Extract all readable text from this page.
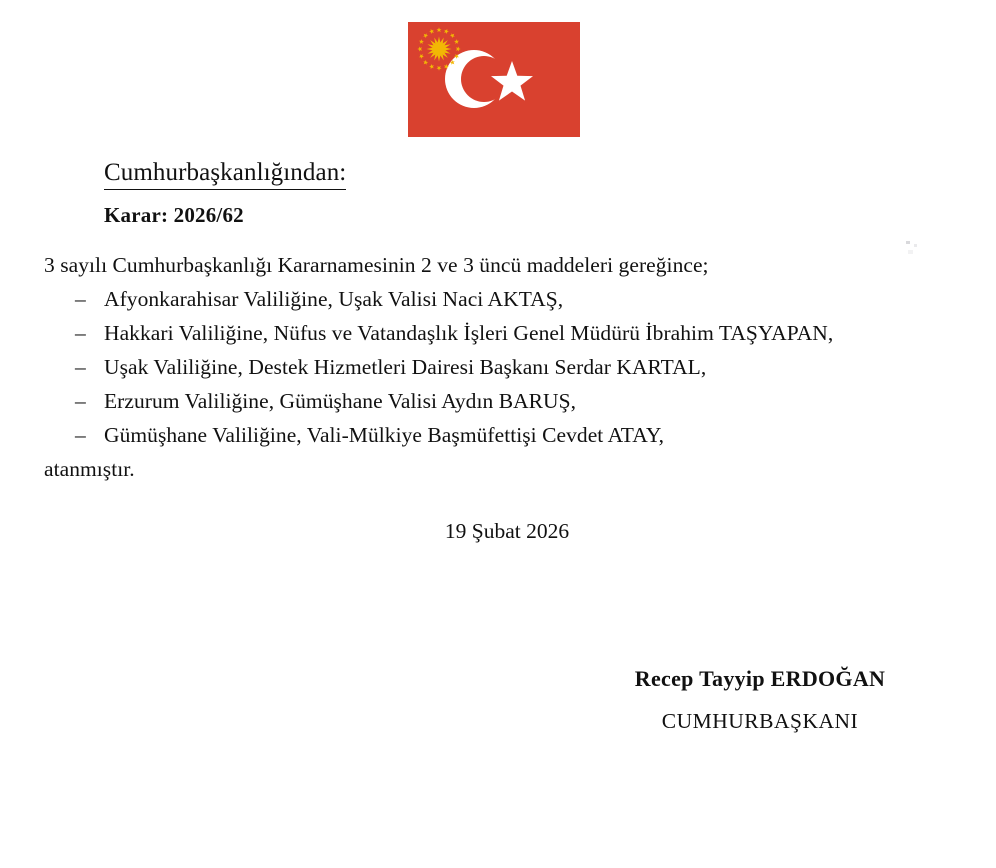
Cumhurbaşkanlığından:
Karar: 2026/62

3 sayılı Cumhurbaşkanlığı Kararnamesinin 2 ve 3 üncü maddeleri gereğince;

– Afyonkarahisar Valiliğine, Uşak Valisi Naci AKTAŞ,
– Hakkari Valiliğine, Nüfus ve Vatandaşlık İşleri Genel Müdürü İbrahim TAŞYAPAN,
– Uşak Valiliğine, Destek Hizmetleri Dairesi Başkanı Serdar KARTAL,
– Erzurum Valiliğine, Gümüşhane Valisi Aydın BARUŞ,
– Gümüşhane Valiliğine, Vali-Mülkiye Başmüfettişi Cevdet ATAY,

atanmıştır.

19 Şubat 2026

Recep Tayyip ERDOĞAN

CUMHURBAŞKANI
